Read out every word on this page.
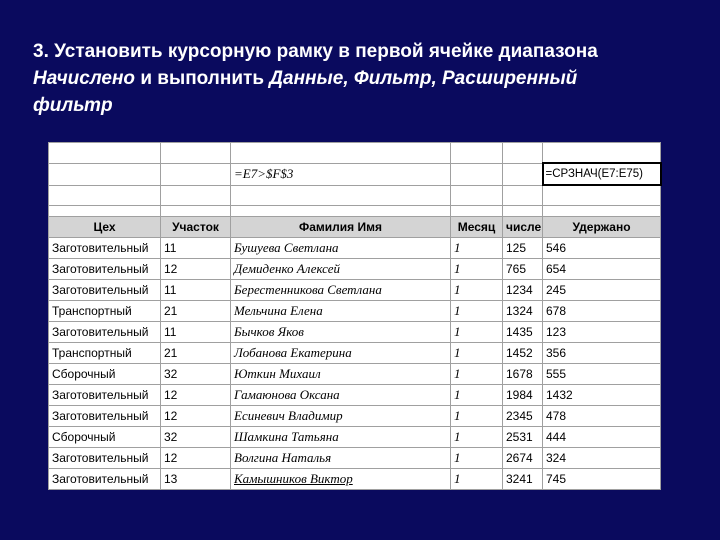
3. Установить курсорную рамку в первой ячейке диапазона
Начислено и выполнить Данные, Фильтр, Расширенный
фильтр

		=E7>$F$3			=СРЗНАЧ(E7:E75)

Цех	Участок	Фамилия Имя	Месяц	числе	Удержано
Заготовительный	11	Бушуева Светлана	1	125	546
Заготовительный	12	Демиденко Алексей	1	765	654
Заготовительный	11	Берестенникова Светлана	1	1234	245
Транспортный	21	Мельчина Елена	1	1324	678
Заготовительный	11	Бычков Яков	1	1435	123
Транспортный	21	Лобанова Екатерина	1	1452	356
Сборочный	32	Юткин Михаил	1	1678	555
Заготовительный	12	Гамаюнова Оксана	1	1984	1432
Заготовительный	12	Есиневич Владимир	1	2345	478
Сборочный	32	Шамкина Татьяна	1	2531	444
Заготовительный	12	Волгина Наталья	1	2674	324
Заготовительный	13	Камышников Виктор	1	3241	745
